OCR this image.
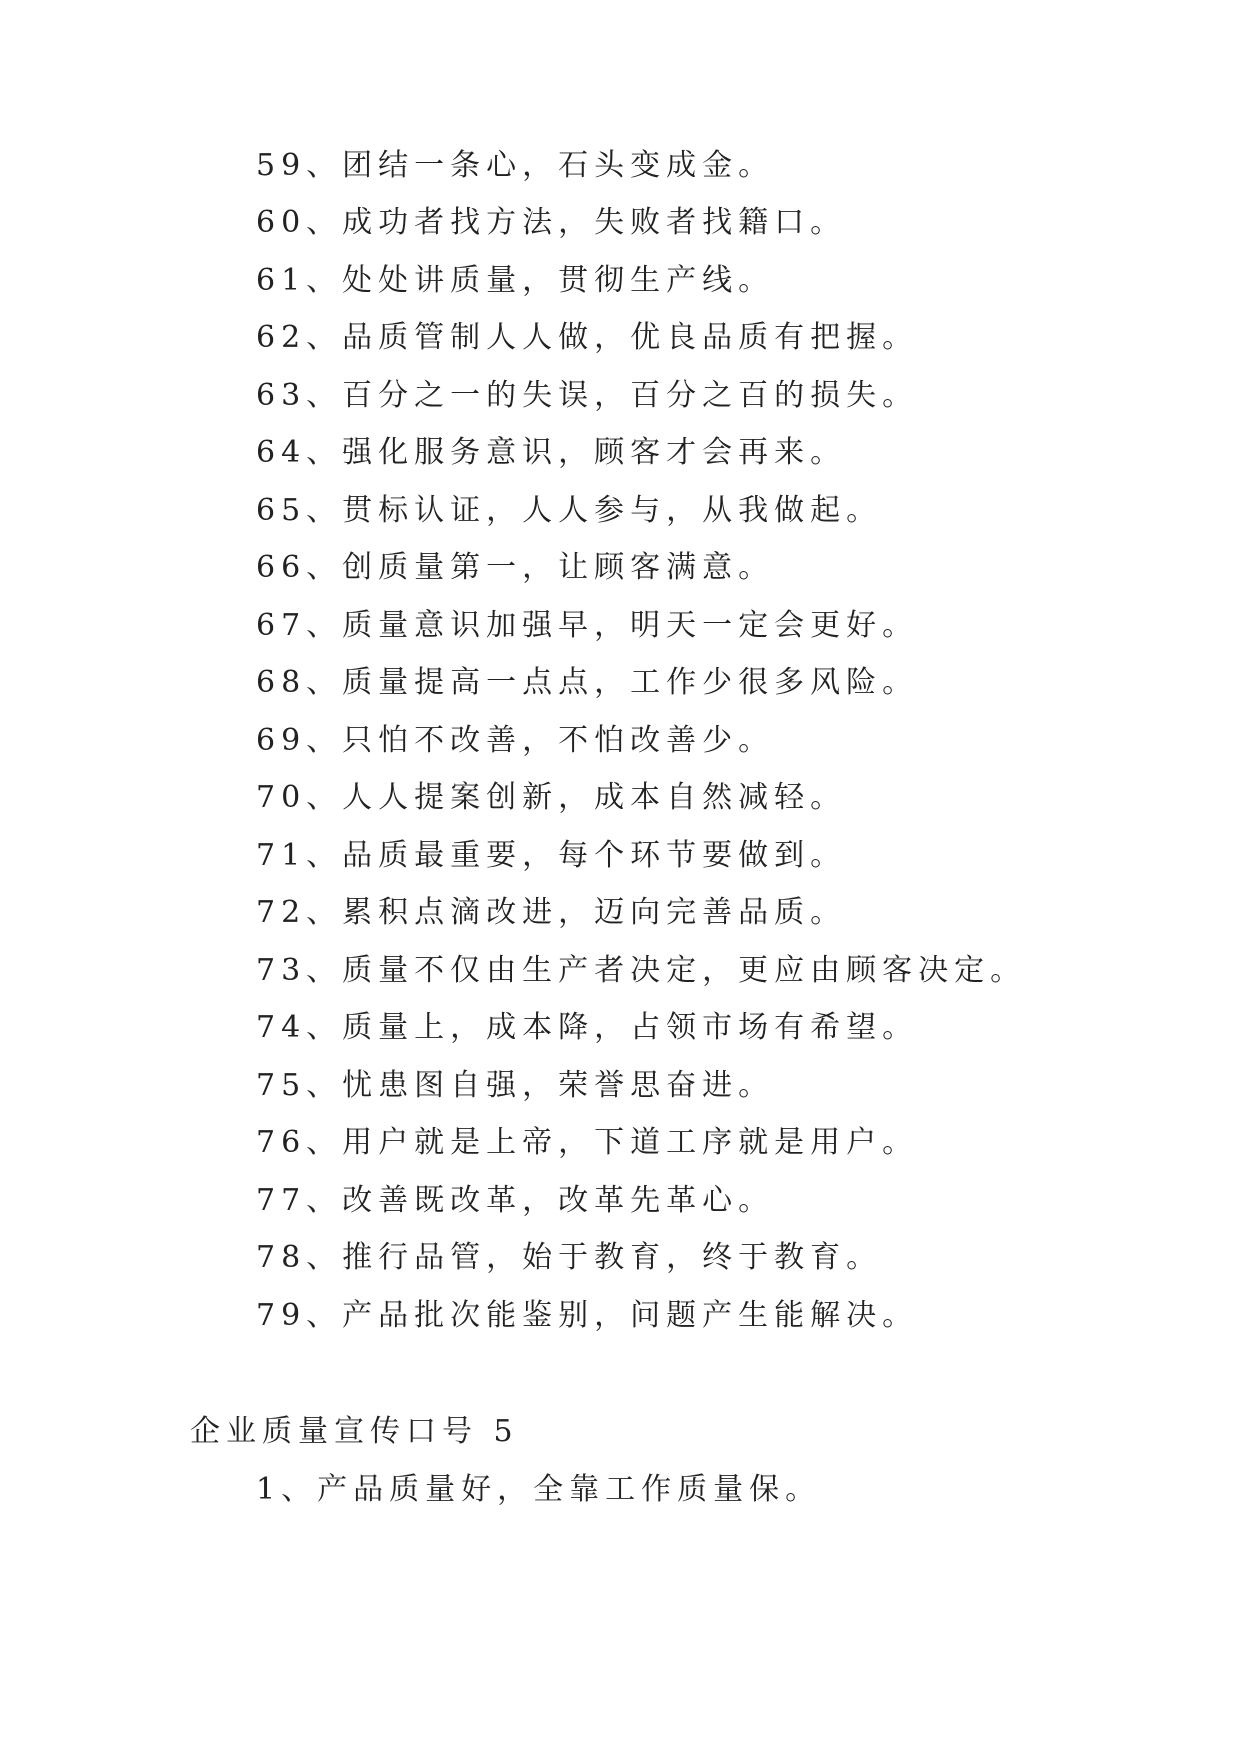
59、团结一条心，石头变成金。
60、成功者找方法，失败者找籍口。
61、处处讲质量，贯彻生产线。
62、品质管制人人做，优良品质有把握。
63、百分之一的失误，百分之百的损失。
64、强化服务意识，顾客才会再来。
65、贯标认证，人人参与，从我做起。
66、创质量第一，让顾客满意。
67、质量意识加强早，明天一定会更好。
68、质量提高一点点，工作少很多风险。
69、只怕不改善，不怕改善少。
70、人人提案创新，成本自然减轻。
71、品质最重要，每个环节要做到。
72、累积点滴改进，迈向完善品质。
73、质量不仅由生产者决定，更应由顾客决定。
74、质量上，成本降，占领市场有希望。
75、忧患图自强，荣誉思奋进。
76、用户就是上帝，下道工序就是用户。
77、改善既改革，改革先革心。
78、推行品管，始于教育，终于教育。
79、产品批次能鉴别，问题产生能解决。
企业质量宣传口号 5
1、产品质量好，全靠工作质量保。
